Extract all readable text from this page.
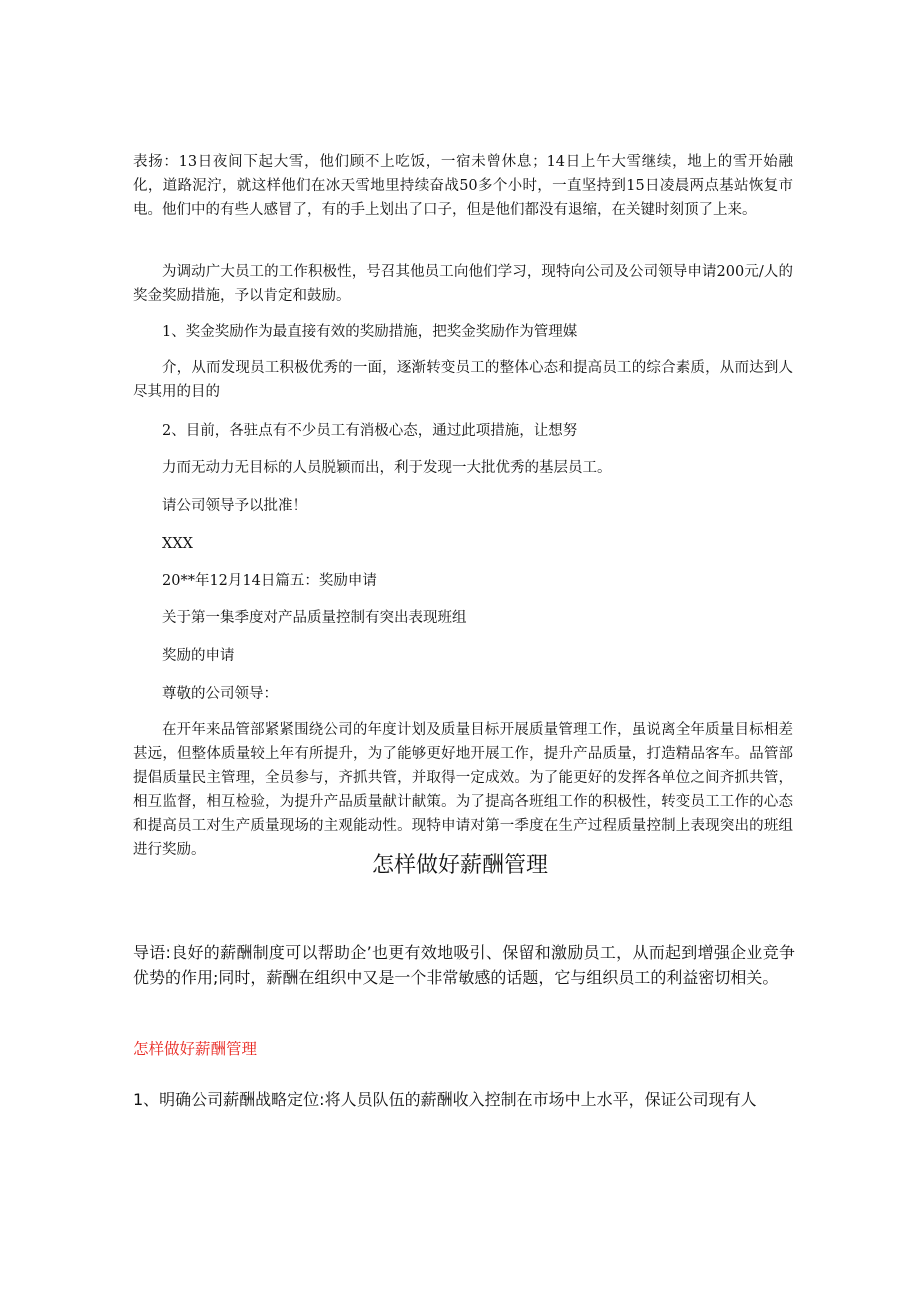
表扬：13日夜间下起大雪，他们顾不上吃饭，一宿未曾休息；14日上午大雪继续，地上的雪开始融化，道路泥泞，就这样他们在冰天雪地里持续奋战50多个小时，一直坚持到15日凌晨两点基站恢复市电。他们中的有些人感冒了，有的手上划出了口子，但是他们都没有退缩，在关键时刻顶了上来。

为调动广大员工的工作积极性，号召其他员工向他们学习，现特向公司及公司领导申请200元/人的奖金奖励措施，予以肯定和鼓励。

1、奖金奖励作为最直接有效的奖励措施，把奖金奖励作为管理媒

介，从而发现员工积极优秀的一面，逐渐转变员工的整体心态和提高员工的综合素质，从而达到人尽其用的目的

2、目前，各驻点有不少员工有消极心态，通过此项措施，让想努

力而无动力无目标的人员脱颖而出，利于发现一大批优秀的基层员工。

请公司领导予以批准！

XXX

20**年12月14日篇五：奖励申请

关于第一集季度对产品质量控制有突出表现班组

奖励的申请

尊敬的公司领导：

在开年来品管部紧紧围绕公司的年度计划及质量目标开展质量管理工作，虽说离全年质量目标相差甚远，但整体质量较上年有所提升，为了能够更好地开展工作，提升产品质量，打造精品客车。品管部提倡质量民主管理，全员参与，齐抓共管，并取得一定成效。为了能更好的发挥各单位之间齐抓共管，相互监督，相互检验，为提升产品质量献计献策。为了提高各班组工作的积极性，转变员工工作的心态和提高员工对生产质量现场的主观能动性。现特申请对第一季度在生产过程质量控制上表现突出的班组进行奖励。

怎样做好薪酬管理

导语:良好的薪酬制度可以帮助企’也更有效地吸引、保留和激励员工，从而起到增强企业竞争优势的作用;同时，薪酬在组织中又是一个非常敏感的话题，它与组织员工的利益密切相关。

怎样做好薪酬管理

1、明确公司薪酬战略定位:将人员队伍的薪酬收入控制在市场中上水平，保证公司现有人
